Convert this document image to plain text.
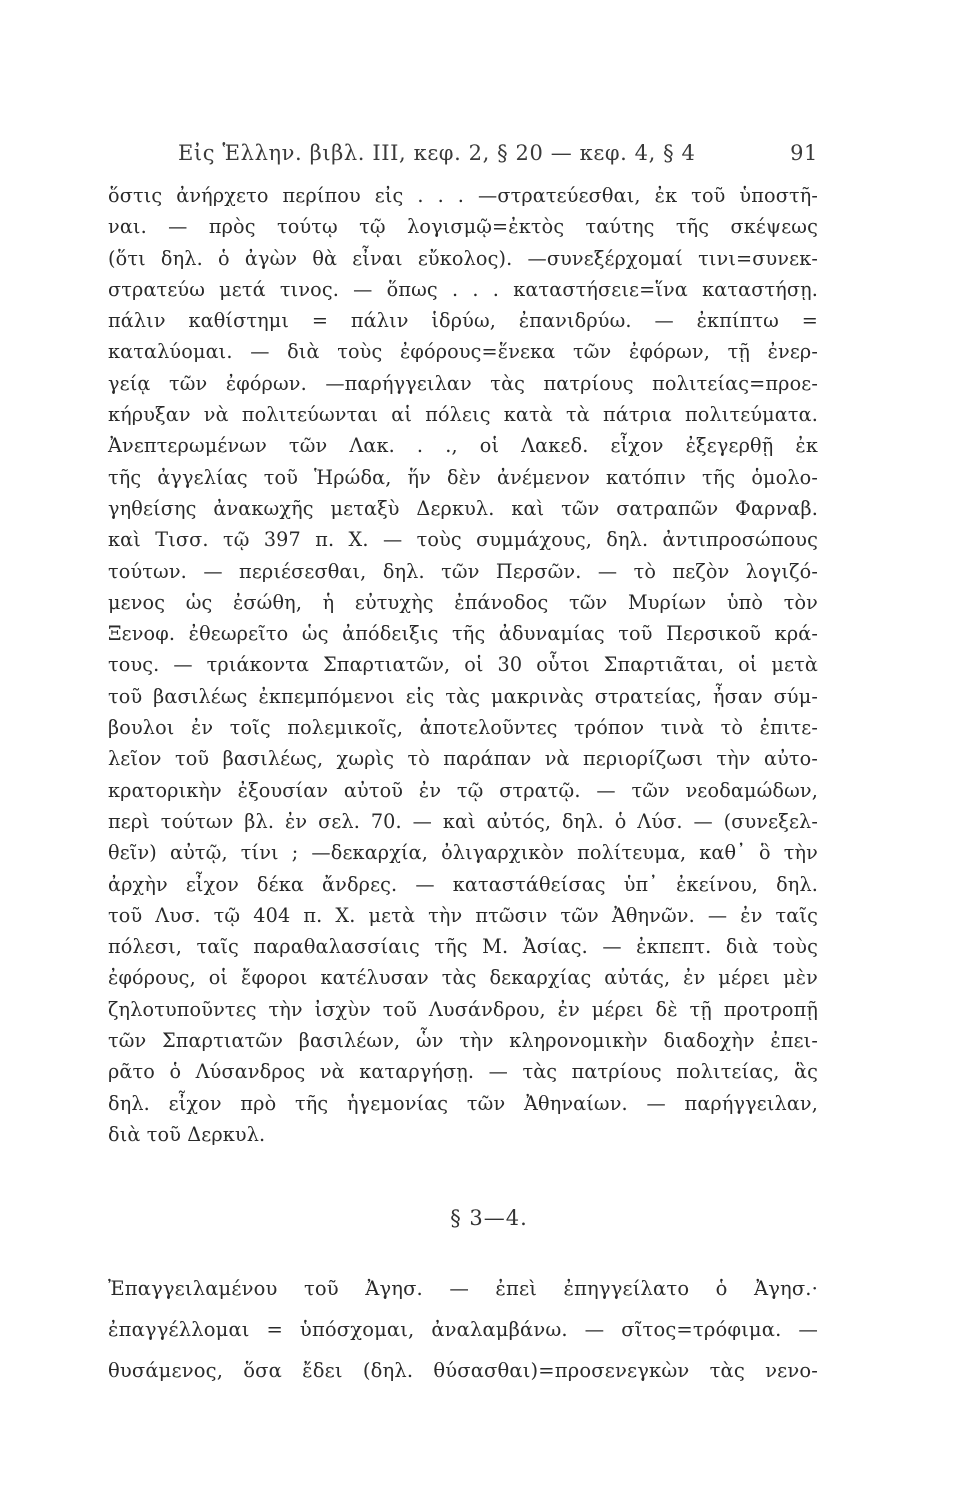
Εἰς Ἑλλην. βιβλ. ΙΙΙ, κεφ. 2, § 20 — κεφ. 4, § 4	91
ὅστις ἀνήρχετο περίπου εἰς . . . —στρατεύεσθαι, ἐκ τοῦ ὑποστῆ-
ναι. — πρὸς τούτῳ τῷ λογισμῷ=ἐκτὸς ταύτης τῆς σκέψεως
(ὅτι δηλ. ὁ ἀγὼν θὰ εἶναι εὔκολος). —συνεξέρχομαί τινι=συνεκ-
στρατεύω μετά τινος. — ὅπως . . . καταστήσειε=ἵνα καταστήσῃ.
πάλιν καθίστημι = πάλιν ἱδρύω, ἐπανιδρύω. — ἐκπίπτω =
καταλύομαι. — διὰ τοὺς ἐφόρους=ἕνεκα τῶν ἐφόρων, τῇ ἐνερ-
γείᾳ τῶν ἐφόρων. —παρήγγειλαν τὰς πατρίους πολιτείας=προε-
κήρυξαν νὰ πολιτεύωνται αἱ πόλεις κατὰ τὰ πάτρια πολιτεύματα.
Ἀνεπτερωμένων τῶν Λακ. . ., οἱ Λακεδ. εἶχον ἐξεγερθῇ ἐκ
τῆς ἀγγελίας τοῦ Ἡρώδα, ἥν δὲν ἀνέμενον κατόπιν τῆς ὁμολο-
γηθείσης ἀνακωχῆς μεταξὺ Δερκυλ. καὶ τῶν σατραπῶν Φαρναβ.
καὶ Τισσ. τῷ 397 π. Χ. — τοὺς συμμάχους, δηλ. ἀντιπροσώπους
τούτων. — περιέσεσθαι, δηλ. τῶν Περσῶν. — τὸ πεζὸν λογιζό-
μενος ὡς ἐσώθη, ἡ εὐτυχὴς ἐπάνοδος τῶν Μυρίων ὑπὸ τὸν
Ξενοφ. ἐθεωρεῖτο ὡς ἀπόδειξις τῆς ἀδυναμίας τοῦ Περσικοῦ κρά-
τους. — τριάκοντα Σπαρτιατῶν, οἱ 30 οὗτοι Σπαρτιᾶται, οἱ μετὰ
τοῦ βασιλέως ἐκπεμπόμενοι εἰς τὰς μακρινὰς στρατείας, ἦσαν σύμ-
βουλοι ἐν τοῖς πολεμικοῖς, ἀποτελοῦντες τρόπον τινὰ τὸ ἐπιτε-
λεῖον τοῦ βασιλέως, χωρὶς τὸ παράπαν νὰ περιορίζωσι τὴν αὐτο-
κρατορικὴν ἐξουσίαν αὐτοῦ ἐν τῷ στρατῷ. — τῶν νεοδαμώδων,
περὶ τούτων βλ. ἐν σελ. 70. — καὶ αὐτός, δηλ. ὁ Λύσ. — (συνεξελ-
θεῖν) αὐτῷ, τίνι ; —δεκαρχία, ὀλιγαρχικὸν πολίτευμα, καθ᾽ ὃ τὴν
ἀρχὴν εἶχον δέκα ἄνδρες. — καταστάθείσας ὑπ᾽ ἐκείνου, δηλ.
τοῦ Λυσ. τῷ 404 π. Χ. μετὰ τὴν πτῶσιν τῶν Ἀθηνῶν. — ἐν ταῖς
πόλεσι, ταῖς παραθαλασσίαις τῆς Μ. Ἀσίας. — ἐκπεπτ. διὰ τοὺς
ἐφόρους, οἱ ἔφοροι κατέλυσαν τὰς δεκαρχίας αὐτάς, ἐν μέρει μὲν
ζηλοτυποῦντες τὴν ἰσχὺν τοῦ Λυσάνδρου, ἐν μέρει δὲ τῇ προτροπῇ
τῶν Σπαρτιατῶν βασιλέων, ὧν τὴν κληρονομικὴν διαδοχὴν ἐπει-
ρᾶτο ὁ Λύσανδρος νὰ καταργήσῃ. — τὰς πατρίους πολιτείας, ἃς
δηλ. εἶχον πρὸ τῆς ἡγεμονίας τῶν Ἀθηναίων. — παρήγγειλαν,
διὰ τοῦ Δερκυλ.
§ 3—4.
Ἐπαγγειλαμένου τοῦ Ἀγησ. — ἐπεὶ ἐπηγγείλατο ὁ Ἀγησ.·
ἐπαγγέλλομαι = ὑπόσχομαι, ἀναλαμβάνω. — σῖτος=τρόφιμα. —
θυσάμενος, ὅσα ἔδει (δηλ. θύσασθαι)=προσενεγκὼν τὰς νενο-
